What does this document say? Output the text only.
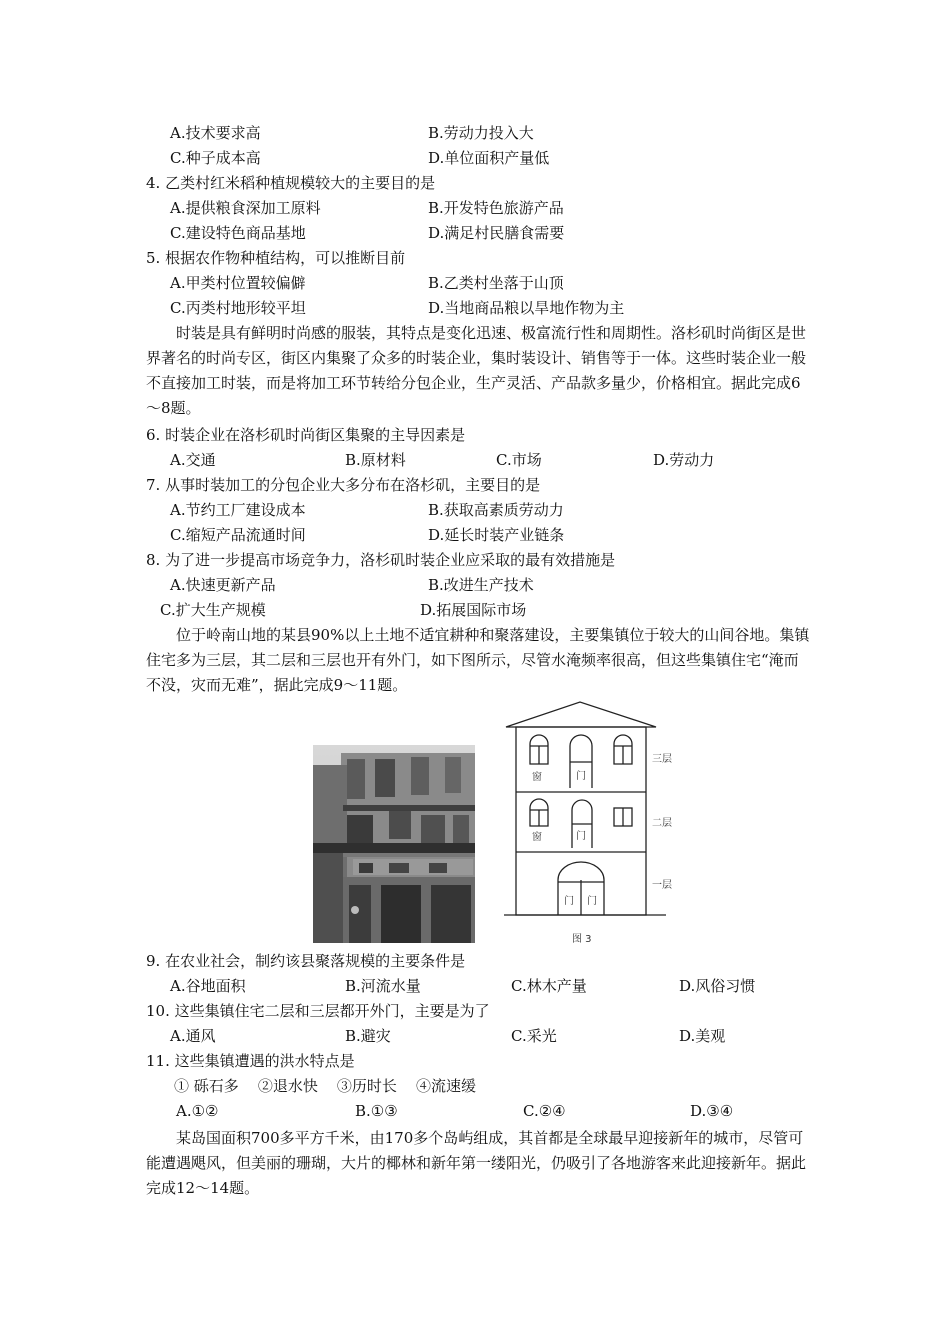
A.技术要求高	B.劳动力投入大
C.种子成本高	D.单位面积产量低
4. 乙类村红米稻种植规模较大的主要目的是
A.提供粮食深加工原料	B.开发特色旅游产品
C.建设特色商品基地	D.满足村民膳食需要
5. 根据农作物种植结构，可以推断目前
A.甲类村位置较偏僻	B.乙类村坐落于山顶
C.丙类村地形较平坦	D.当地商品粮以旱地作物为主
时装是具有鲜明时尚感的服装，其特点是变化迅速、极富流行性和周期性。洛杉矶时尚街区是世界著名的时尚专区，街区内集聚了众多的时装企业，集时装设计、销售等于一体。这些时装企业一般不直接加工时装，而是将加工环节转给分包企业，生产灵活、产品款多量少，价格相宜。据此完成6～8题。
6. 时装企业在洛杉矶时尚街区集聚的主导因素是
A.交通	B.原材料	C.市场	D.劳动力
7. 从事时装加工的分包企业大多分布在洛杉矶，主要目的是
A.节约工厂建设成本	B.获取高素质劳动力
C.缩短产品流通时间	D.延长时装产业链条
8. 为了进一步提高市场竞争力，洛杉矶时装企业应采取的最有效措施是
A.快速更新产品	B.改进生产技术
C.扩大生产规模	D.拓展国际市场
位于岭南山地的某县90%以上土地不适宜耕种和聚落建设，主要集镇位于较大的山间谷地。集镇住宅多为三层，其二层和三层也开有外门，如下图所示，尽管水淹频率很高，但这些集镇住宅“淹而不没，灾而无难”，据此完成9～11题。
窗	门
窗	门
门 门
三层
二层
一层
图 3
9. 在农业社会，制约该县聚落规模的主要条件是
A.谷地面积	B.河流水量	C.林木产量	D.风俗习惯
10. 这些集镇住宅二层和三层都开外门，主要是为了
A.通风	B.避灾	C.采光	D.美观
11. 这些集镇遭遇的洪水特点是
① 砾石多    ②退水快    ③历时长    ④流速缓
A.①②	B.①③	C.②④	D.③④
某岛国面积700多平方千米，由170多个岛屿组成，其首都是全球最早迎接新年的城市，尽管可能遭遇飓风，但美丽的珊瑚，大片的椰林和新年第一缕阳光，仍吸引了各地游客来此迎接新年。据此完成12～14题。
